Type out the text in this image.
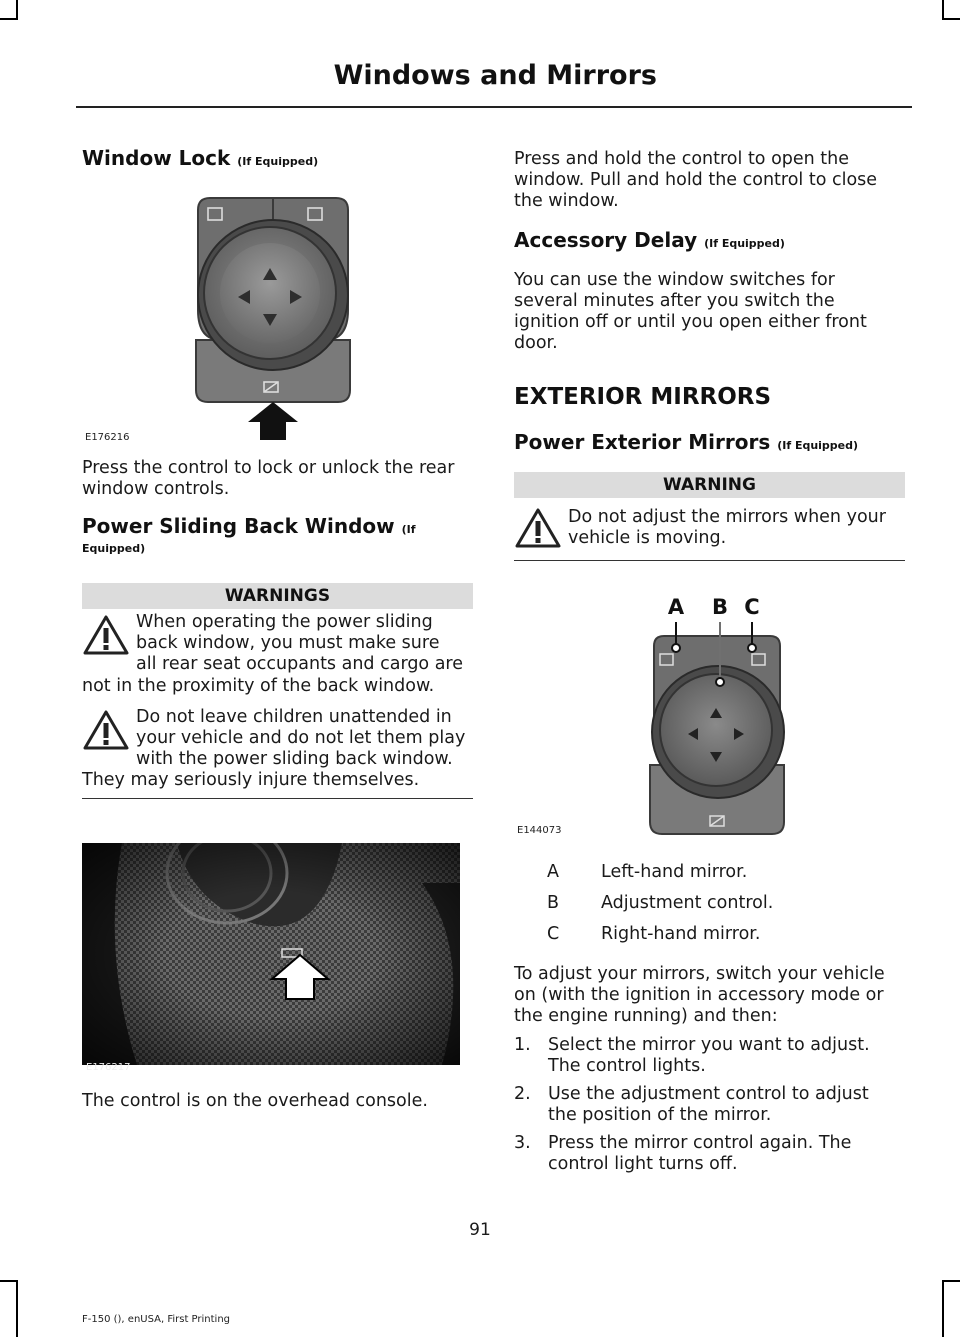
Windows and Mirrors
Window Lock (If Equipped)
E176216

Press the control to lock or unlock the rear window controls.

Power Sliding Back Window (If
Equipped)
WARNINGS
When operating the power sliding
back window, you must make sure
all rear seat occupants and cargo are
not in the proximity of the back window.
Do not leave children unattended in
your vehicle and do not let them play
with the power sliding back window.
They may seriously injure themselves.
E176217

The control is on the overhead console.

Press and hold the control to open the window. Pull and hold the control to close the window.

Accessory Delay (If Equipped)

You can use the window switches for several minutes after you switch the ignition off or until you open either front door.

EXTERIOR MIRRORS
Power Exterior Mirrors (If Equipped)
WARNING
Do not adjust the mirrors when your vehicle is moving.
A B C
E144073
A Left-hand mirror.
B Adjustment control.
C Right-hand mirror.

To adjust your mirrors, switch your vehicle on (with the ignition in accessory mode or the engine running) and then:

1. Select the mirror you want to adjust. The control lights.
2. Use the adjustment control to adjust the position of the mirror.
3. Press the mirror control again. The control light turns off.
91
F-150 (), enUSA, First Printing
